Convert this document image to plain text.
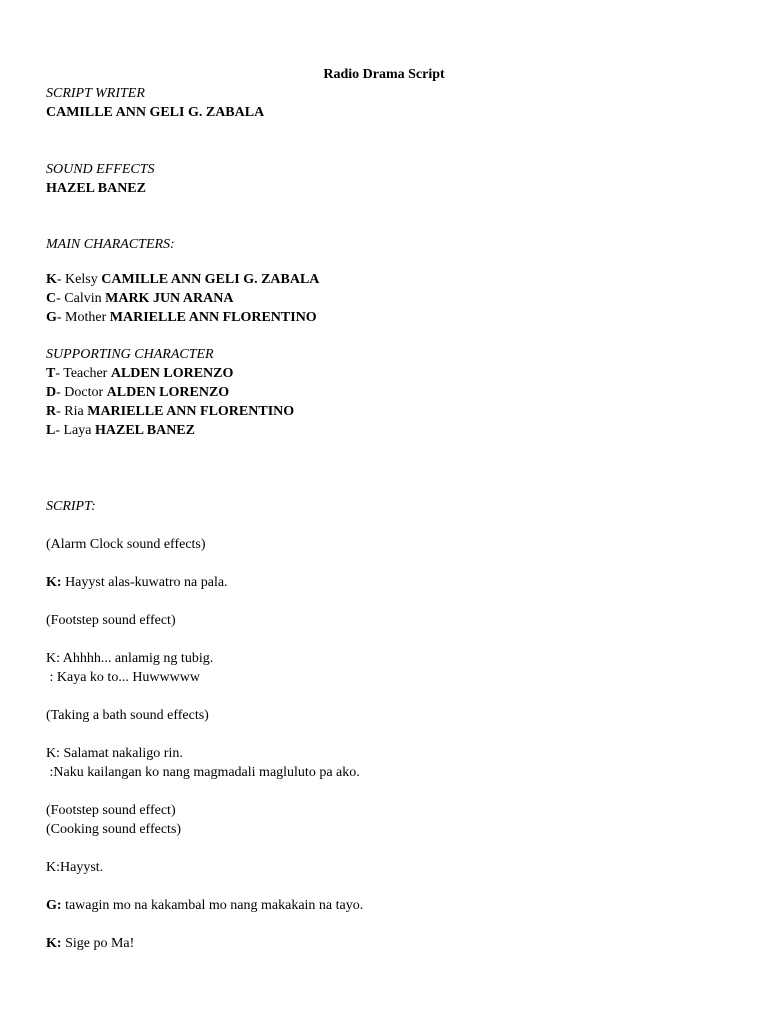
Radio Drama Script
SCRIPT WRITER
CAMILLE ANN GELI G. ZABALA
SOUND EFFECTS
HAZEL BANEZ
MAIN CHARACTERS:
K- Kelsy CAMILLE ANN GELI G. ZABALA
C- Calvin MARK JUN ARANA
G- Mother MARIELLE ANN FLORENTINO
SUPPORTING CHARACTER
T- Teacher ALDEN LORENZO
D- Doctor ALDEN LORENZO
R- Ria MARIELLE ANN FLORENTINO
L- Laya HAZEL BANEZ
SCRIPT:
(Alarm Clock sound effects)
K: Hayyst alas-kuwatro na pala.
(Footstep sound effect)
K: Ahhhh... anlamig ng tubig.
: Kaya ko to... Huwwwww
(Taking a bath sound effects)
K: Salamat nakaligo rin.
:Naku kailangan ko nang magmadali magluluto pa ako.
(Footstep sound effect)
(Cooking sound effects)
K:Hayyst.
G: tawagin mo na kakambal mo nang makakain na tayo.
K: Sige po Ma!
